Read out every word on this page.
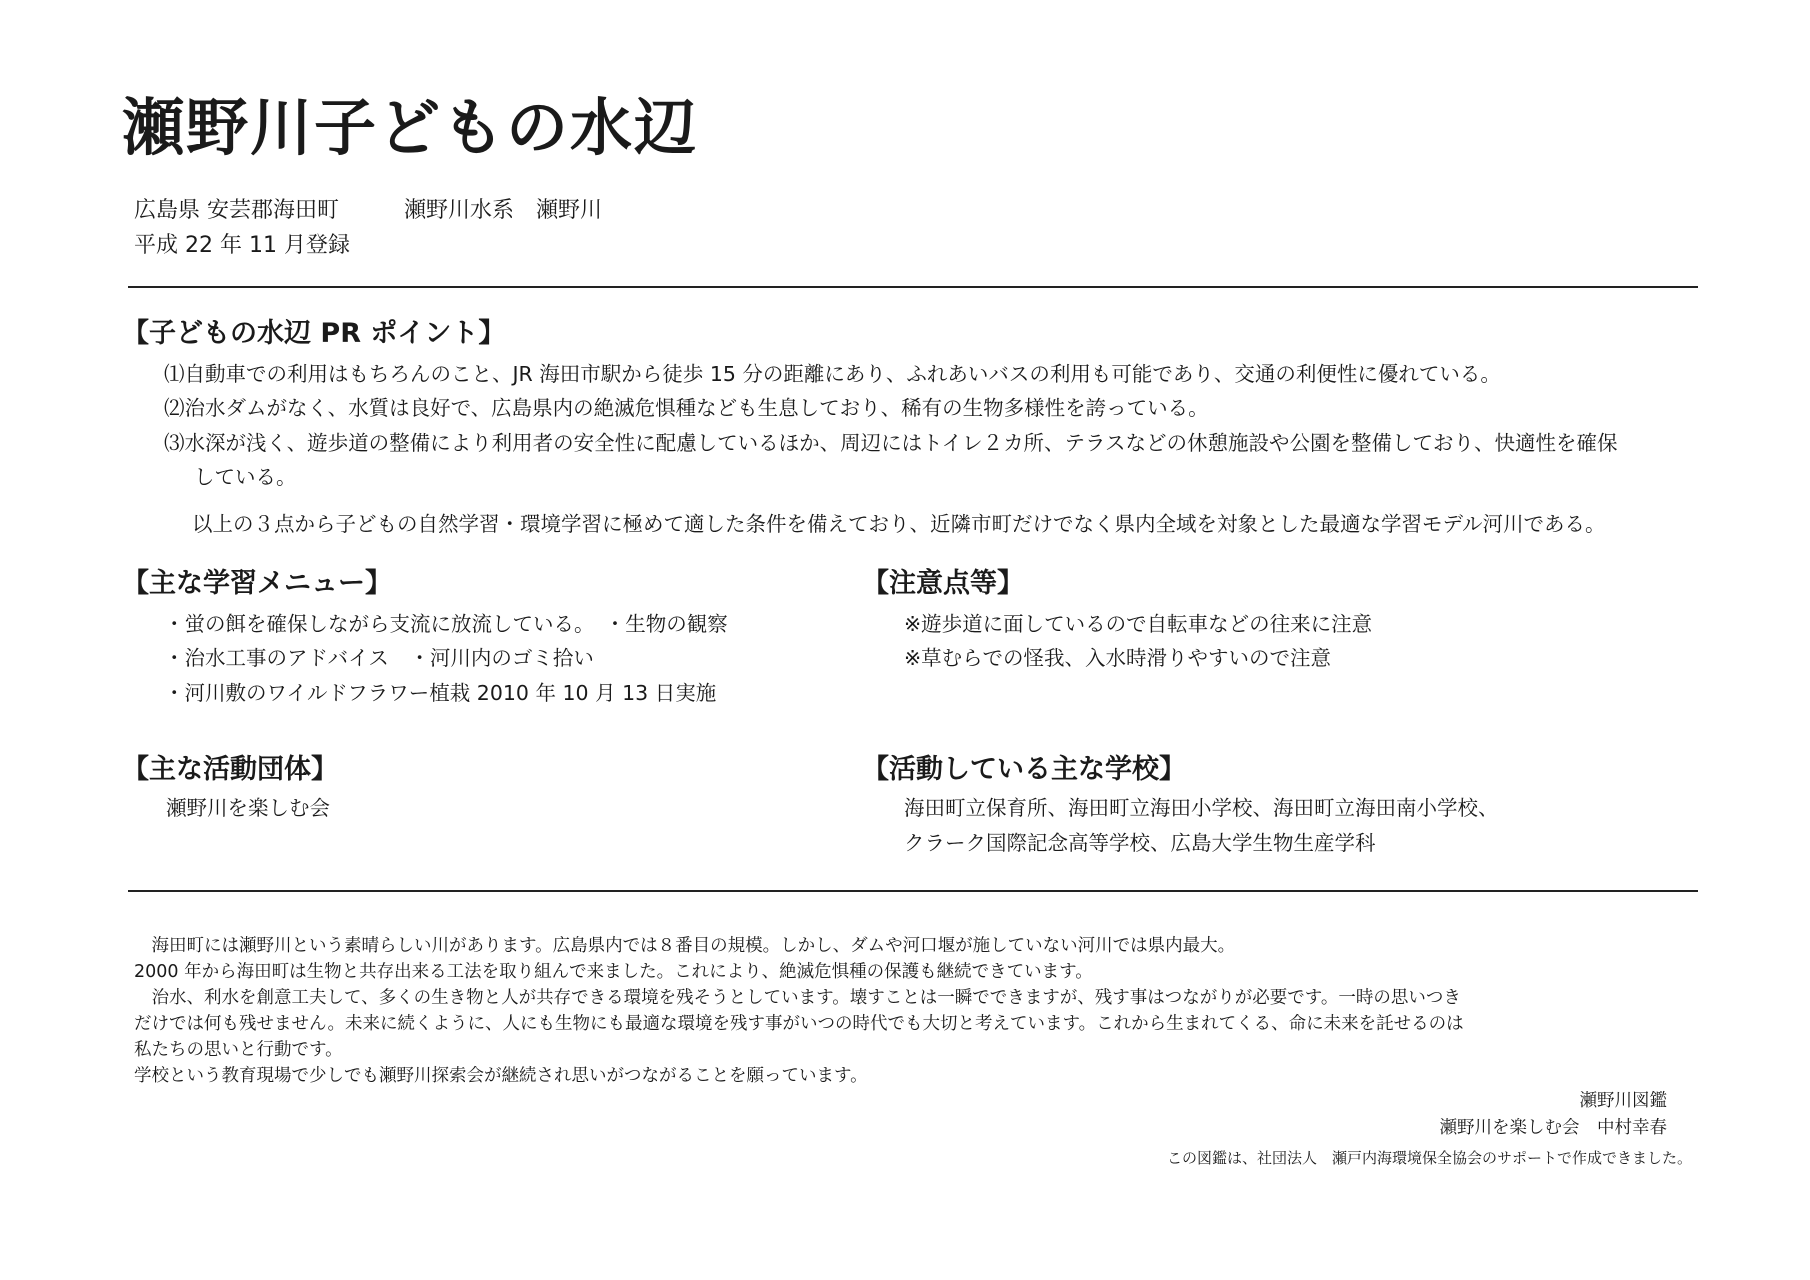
瀬野川子どもの水辺
広島県 安芸郡海田町	瀬野川水系　瀬野川
平成 22 年 11 月登録
【子どもの水辺 PR ポイント】
⑴自動車での利用はもちろんのこと、JR 海田市駅から徒歩 15 分の距離にあり、ふれあいバスの利用も可能であり、交通の利便性に優れている。
⑵治水ダムがなく、水質は良好で、広島県内の絶滅危惧種なども生息しており、稀有の生物多様性を誇っている。
⑶水深が浅く、遊歩道の整備により利用者の安全性に配慮しているほか、周辺にはトイレ２カ所、テラスなどの休憩施設や公園を整備しており、快適性を確保
している。
以上の３点から子どもの自然学習・環境学習に極めて適した条件を備えており、近隣市町だけでなく県内全域を対象とした最適な学習モデル河川である。
【主な学習メニュー】
・蛍の餌を確保しながら支流に放流している。　・生物の観察
・治水工事のアドバイス　・河川内のゴミ拾い
・河川敷のワイルドフラワー植栽 2010 年 10 月 13 日実施
【注意点等】
※遊歩道に面しているので自転車などの往来に注意
※草むらでの怪我、入水時滑りやすいので注意
【主な活動団体】
瀬野川を楽しむ会
【活動している主な学校】
海田町立保育所、海田町立海田小学校、海田町立海田南小学校、
クラーク国際記念高等学校、広島大学生物生産学科
　海田町には瀬野川という素晴らしい川があります。広島県内では８番目の規模。しかし、ダムや河口堰が施していない河川では県内最大。
2000 年から海田町は生物と共存出来る工法を取り組んで来ました。これにより、絶滅危惧種の保護も継続できています。
　治水、利水を創意工夫して、多くの生き物と人が共存できる環境を残そうとしています。壊すことは一瞬でできますが、残す事はつながりが必要です。一時の思いつき
だけでは何も残せません。未来に続くように、人にも生物にも最適な環境を残す事がいつの時代でも大切と考えています。これから生まれてくる、命に未来を託せるのは
私たちの思いと行動です。
学校という教育現場で少しでも瀬野川探索会が継続され思いがつながることを願っています。
瀬野川図鑑
瀬野川を楽しむ会　中村幸春
この図鑑は、社団法人　瀬戸内海環境保全協会のサポートで作成できました。
